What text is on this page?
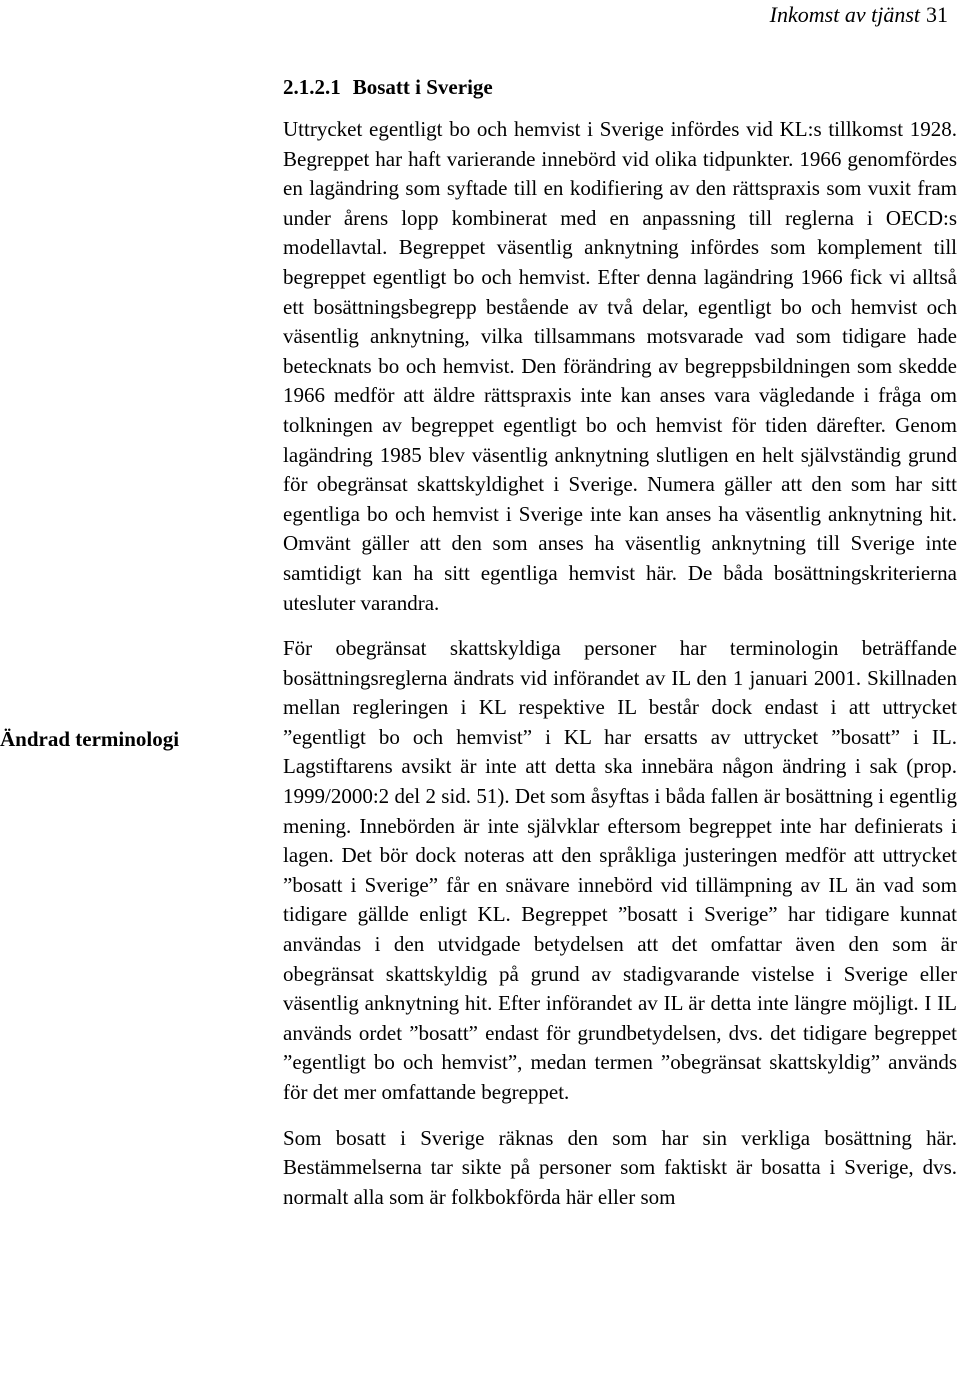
Inkomst av tjänst 31
Ändrad terminologi
2.1.2.1 Bosatt i Sverige

Uttrycket egentligt bo och hemvist i Sverige infördes vid KL:s tillkomst 1928. Begreppet har haft varierande innebörd vid olika tidpunkter. 1966 genomfördes en lagändring som syftade till en kodifiering av den rättspraxis som vuxit fram under årens lopp kombinerat med en anpassning till reglerna i OECD:s modellavtal. Begreppet väsentlig anknytning infördes som komplement till begreppet egentligt bo och hemvist. Efter denna lagändring 1966 fick vi alltså ett bosättningsbegrepp bestående av två delar, egentligt bo och hemvist och väsentlig anknytning, vilka tillsammans motsvarade vad som tidigare hade betecknats bo och hemvist. Den förändring av begreppsbildningen som skedde 1966 medför att äldre rättspraxis inte kan anses vara vägledande i fråga om tolkningen av begreppet egentligt bo och hemvist för tiden därefter. Genom lagändring 1985 blev väsentlig anknytning slutligen en helt självständig grund för obegränsat skattskyldighet i Sverige. Numera gäller att den som har sitt egentliga bo och hemvist i Sverige inte kan anses ha väsentlig anknytning hit. Omvänt gäller att den som anses ha väsentlig anknytning till Sverige inte samtidigt kan ha sitt egentliga hemvist här. De båda bosättningskriterierna utesluter varandra.

För obegränsat skattskyldiga personer har terminologin beträffande bosättningsreglerna ändrats vid införandet av IL den 1 januari 2001. Skillnaden mellan regleringen i KL respektive IL består dock endast i att uttrycket ”egentligt bo och hemvist” i KL har ersatts av uttrycket ”bosatt” i IL. Lagstiftarens avsikt är inte att detta ska innebära någon ändring i sak (prop. 1999/2000:2 del 2 sid. 51). Det som åsyftas i båda fallen är bosättning i egentlig mening. Innebörden är inte självklar eftersom begreppet inte har definierats i lagen. Det bör dock noteras att den språkliga justeringen medför att uttrycket ”bosatt i Sverige” får en snävare innebörd vid tillämpning av IL än vad som tidigare gällde enligt KL. Begreppet ”bosatt i Sverige” har tidigare kunnat användas i den utvidgade betydelsen att det omfattar även den som är obegränsat skattskyldig på grund av stadigvarande vistelse i Sverige eller väsentlig anknytning hit. Efter införandet av IL är detta inte längre möjligt. I IL används ordet ”bosatt” endast för grundbetydelsen, dvs. det tidigare begreppet ”egentligt bo och hemvist”, medan termen ”obegränsat skattskyldig” används för det mer omfattande begreppet.

Som bosatt i Sverige räknas den som har sin verkliga bosättning här. Bestämmelserna tar sikte på personer som faktiskt är bosatta i Sverige, dvs. normalt alla som är folkbokförda här eller som
